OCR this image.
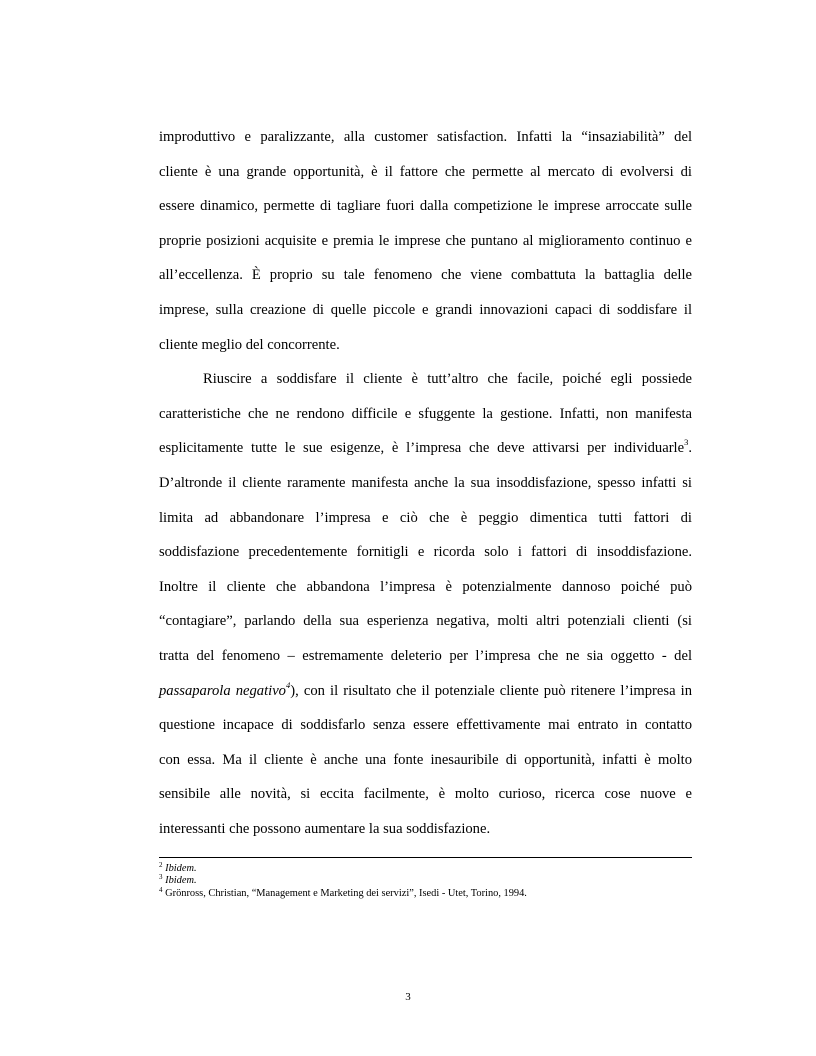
improduttivo e paralizzante, alla customer satisfaction. Infatti la “insaziabilità” del
cliente è una grande opportunità, è il fattore che permette al mercato di evolversi di
essere dinamico, permette di tagliare fuori dalla competizione le imprese arroccate sulle
proprie posizioni acquisite e premia le imprese che puntano al miglioramento continuo e
all’eccellenza. È proprio su tale fenomeno che viene combattuta la battaglia delle
imprese, sulla creazione di quelle piccole e grandi innovazioni capaci di soddisfare il
cliente meglio del concorrente.
Riuscire a soddisfare il cliente è tutt’altro che facile, poiché egli possiede
caratteristiche che ne rendono difficile e sfuggente la gestione. Infatti, non manifesta
esplicitamente tutte le sue esigenze, è l’impresa che deve attivarsi per individuarle$^3$.
D’altronde il cliente raramente manifesta anche la sua insoddisfazione, spesso infatti si
limita ad abbandonare l’impresa e ciò che è peggio dimentica tutti fattori di
soddisfazione precedentemente fornitigli e ricorda solo i fattori di insoddisfazione.
Inoltre il cliente che abbandona l’impresa è potenzialmente dannoso poiché può
“contagiare”, parlando della sua esperienza negativa, molti altri potenziali clienti (si
tratta del fenomeno – estremamente deleterio per l’impresa che ne sia oggetto - del
passaparola negativo$^4$), con il risultato che il potenziale cliente può ritenere l’impresa in
questione incapace di soddisfarlo senza essere effettivamente mai entrato in contatto
con essa. Ma il cliente è anche una fonte inesauribile di opportunità, infatti è molto
sensibile alle novità, si eccita facilmente, è molto curioso, ricerca cose nuove e
interessanti che possono aumentare la sua soddisfazione.
$^2$ Ibidem.
$^3$ Ibidem.
$^4$ Grönross, Christian, “Management e Marketing dei servizi”, Isedi - Utet, Torino, 1994.
3
